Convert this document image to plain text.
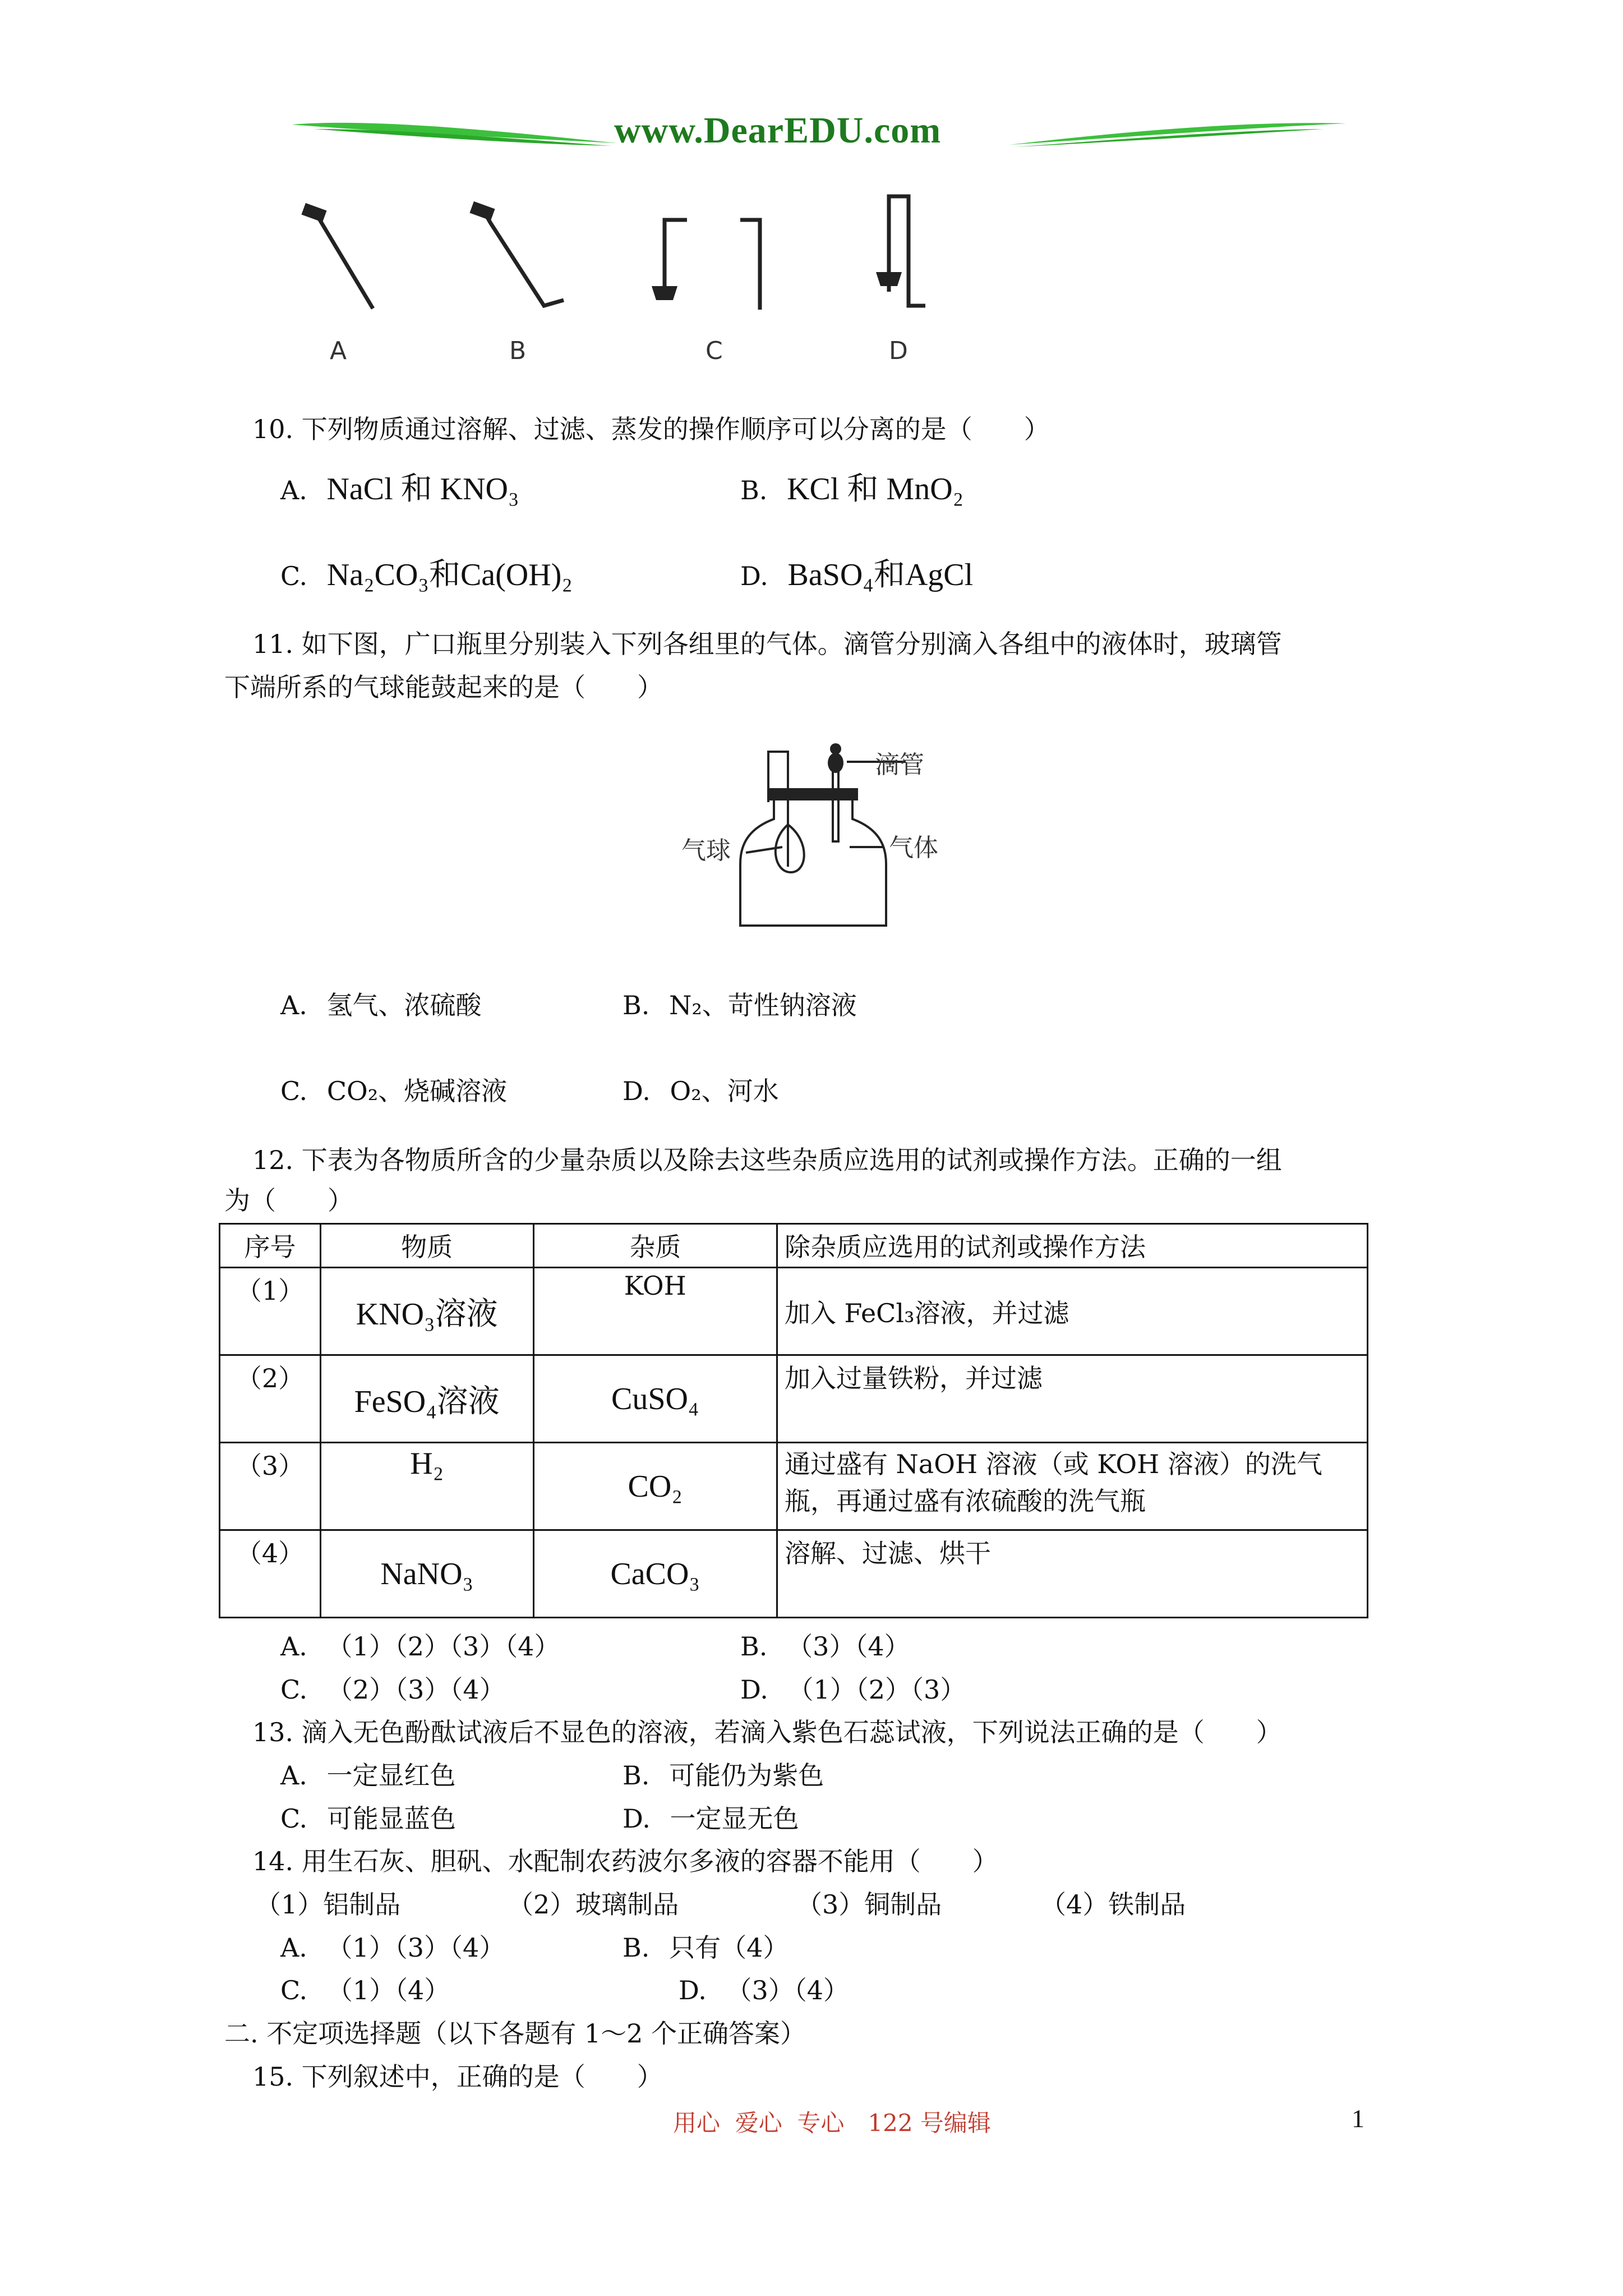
www.DearEDU.com
A	B	C	D
10. 下列物质通过溶解、过滤、蒸发的操作顺序可以分离的是（　　）
A. NaCl 和 KNO₃	B. KCl 和 MnO₂
C. Na₂CO₃和Ca(OH)₂	D. BaSO₄和AgCl
11. 如下图，广口瓶里分别装入下列各组里的气体。滴管分别滴入各组中的液体时，玻璃管
下端所系的气球能鼓起来的是（　　）
滴管
气球	气体
A. 氢气、浓硫酸	B. N₂、苛性钠溶液
C. CO₂、烧碱溶液	D. O₂、河水
12. 下表为各物质所含的少量杂质以及除去这些杂质应选用的试剂或操作方法。正确的一组
为（　　）
序号	物质	杂质	除杂质应选用的试剂或操作方法
（1）	KNO₃溶液	KOH	加入 FeCl₃溶液，并过滤
（2）	FeSO₄溶液	CuSO₄	加入过量铁粉，并过滤
（3）	H₂	CO₂	通过盛有 NaOH 溶液（或 KOH 溶液）的洗气瓶，再通过盛有浓硫酸的洗气瓶
（4）	NaNO₃	CaCO₃	溶解、过滤、烘干
A. （1）（2）（3）（4）	B. （3）（4）
C. （2）（3）（4）	D. （1）（2）（3）
13. 滴入无色酚酞试液后不显色的溶液，若滴入紫色石蕊试液，下列说法正确的是（　　）
A. 一定显红色	B. 可能仍为紫色
C. 可能显蓝色	D. 一定显无色
14. 用生石灰、胆矾、水配制农药波尔多液的容器不能用（　　）
（1）铝制品	（2）玻璃制品	（3）铜制品	（4）铁制品
A. （1）（3）（4）	B. 只有（4）
C. （1）（4）	D. （3）（4）
二. 不定项选择题（以下各题有 1～2 个正确答案）
15. 下列叙述中，正确的是（　　）
用心  爱心  专心　122 号编辑	1
